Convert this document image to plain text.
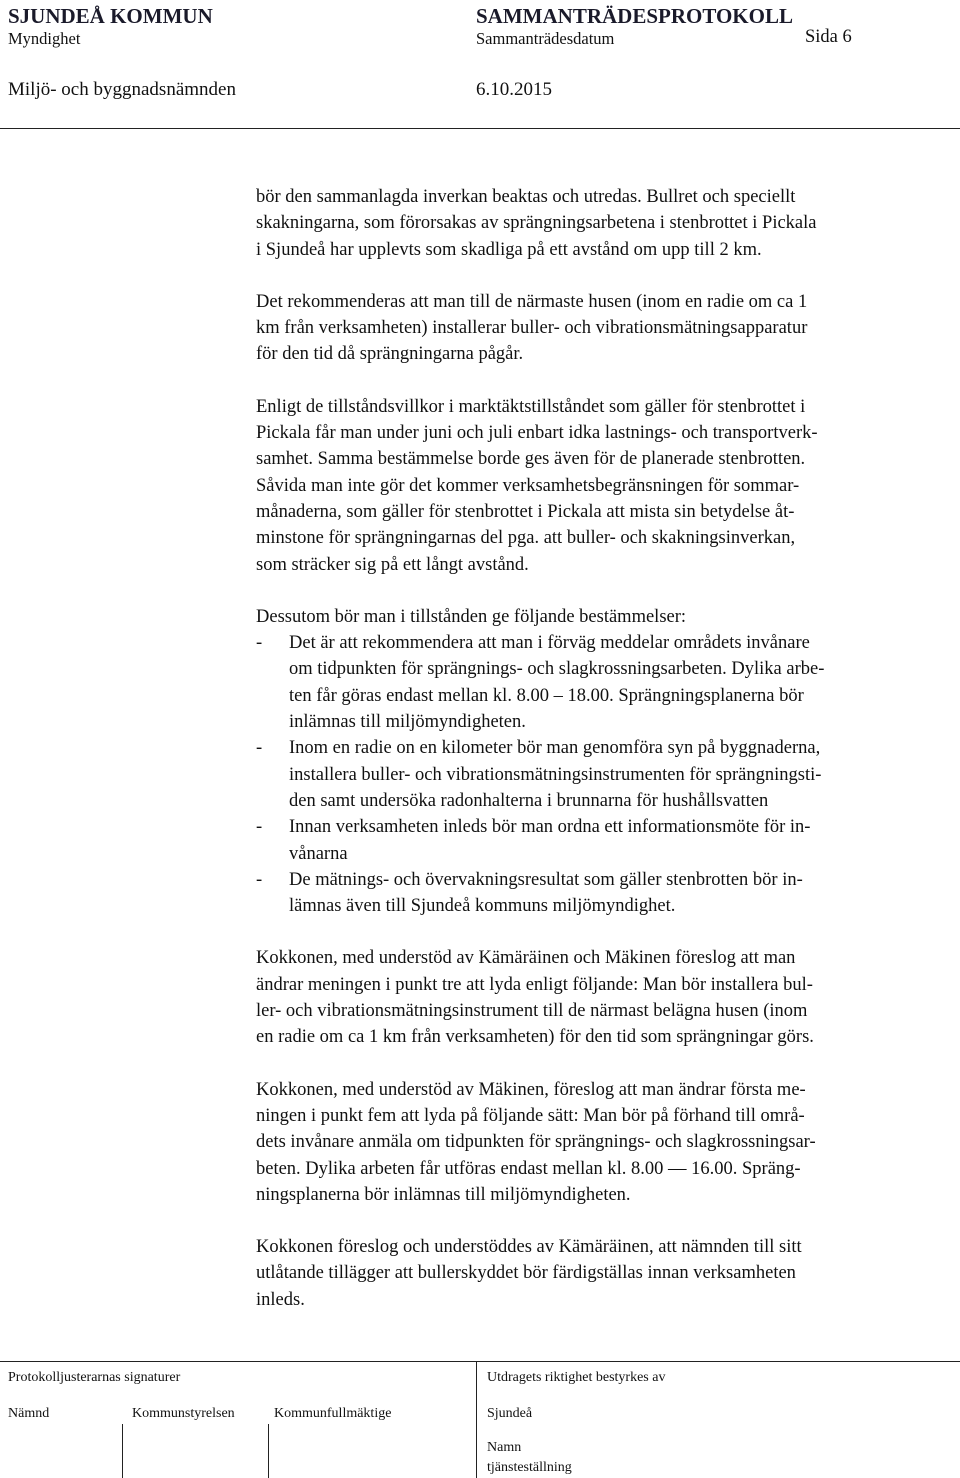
SJUNDEÅ KOMMUN	SAMMANTRÄDESPROTOKOLL
Myndighet	Sammanträdesdatum	Sida 6
Miljö- och byggnadsnämnden	6.10.2015
bör den sammanlagda inverkan beaktas och utredas. Bullret och speciellt
skakningarna, som förorsakas av sprängningsarbetena i stenbrottet i Pickala
i Sjundeå har upplevts som skadliga på ett avstånd om upp till 2 km.
Det rekommenderas att man till de närmaste husen (inom en radie om ca 1
km från verksamheten) installerar buller- och vibrationsmätningsapparatur
för den tid då sprängningarna pågår.
Enligt de tillståndsvillkor i marktäktstillståndet som gäller för stenbrottet i
Pickala får man under juni och juli enbart idka lastnings- och transportverk-
samhet. Samma bestämmelse borde ges även för de planerade stenbrotten.
Såvida man inte gör det kommer verksamhetsbegränsningen för sommar-
månaderna, som gäller för stenbrottet i Pickala att mista sin betydelse åt-
minstone för sprängningarnas del pga. att buller- och skakningsinverkan,
som sträcker sig på ett långt avstånd.
Dessutom bör man i tillstånden ge följande bestämmelser:
- Det är att rekommendera att man i förväg meddelar områdets invånare
om tidpunkten för sprängnings- och slagkrossningsarbeten. Dylika arbe-
ten får göras endast mellan kl. 8.00 – 18.00. Sprängningsplanerna bör
inlämnas till miljömyndigheten.
- Inom en radie on en kilometer bör man genomföra syn på byggnaderna,
installera buller- och vibrationsmätningsinstrumenten för sprängningsti-
den samt undersöka radonhalterna i brunnarna för hushållsvatten
- Innan verksamheten inleds bör man ordna ett informationsmöte för in-
vånarna
- De mätnings- och övervakningsresultat som gäller stenbrotten bör in-
lämnas även till Sjundeå kommuns miljömyndighet.
Kokkonen, med understöd av Kämäräinen och Mäkinen föreslog att man
ändrar meningen i punkt tre att lyda enligt följande: Man bör installera bul-
ler- och vibrationsmätningsinstrument till de närmast belägna husen (inom
en radie om ca 1 km från verksamheten) för den tid som sprängningar görs.
Kokkonen, med understöd av Mäkinen, föreslog att man ändrar första me-
ningen i punkt fem att lyda på följande sätt: Man bör på förhand till områ-
dets invånare anmäla om tidpunkten för sprängnings- och slagkrossningsar-
beten. Dylika arbeten får utföras endast mellan kl. 8.00 — 16.00. Spräng-
ningsplanerna bör inlämnas till miljömyndigheten.
Kokkonen föreslog och understöddes av Kämäräinen, att nämnden till sitt
utlåtande tillägger att bullerskyddet bör färdigställas innan verksamheten
inleds.
Protokolljusterarnas signaturer	Utdragets riktighet bestyrkes av
Nämnd	Kommunstyrelsen	Kommunfullmäktige	Sjundeå
Namn
tjänsteställning
